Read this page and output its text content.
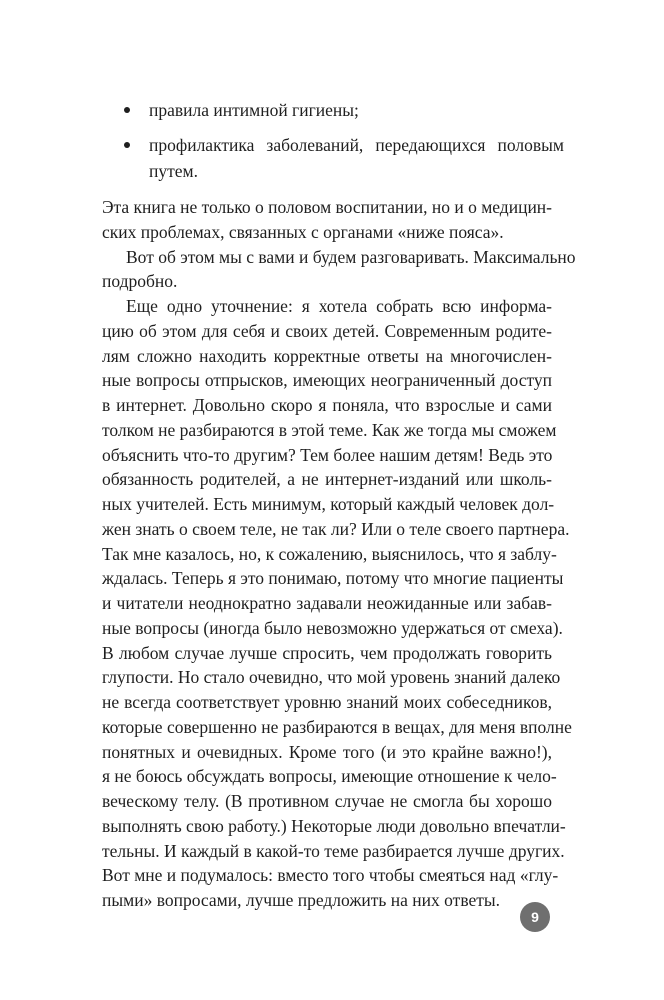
правила интимной гигиены;
профилактика заболеваний, передающихся половым
путем.
Эта книга не только о половом воспитании, но и о медицин-
ских проблемах, связанных с органами «ниже пояса».
Вот об этом мы с вами и будем разговаривать. Максимально
подробно.
Еще одно уточнение: я хотела собрать всю информа-
цию об этом для себя и своих детей. Современным родите-
лям сложно находить корректные ответы на многочислен-
ные вопросы отпрысков, имеющих неограниченный доступ
в интернет. Довольно скоро я поняла, что взрослые и сами
толком не разбираются в этой теме. Как же тогда мы сможем
объяснить что-то другим? Тем более нашим детям! Ведь это
обязанность родителей, а не интернет-изданий или школь-
ных учителей. Есть минимум, который каждый человек дол-
жен знать о своем теле, не так ли? Или о теле своего партнера.
Так мне казалось, но, к сожалению, выяснилось, что я заблу-
ждалась. Теперь я это понимаю, потому что многие пациенты
и читатели неоднократно задавали неожиданные или забав-
ные вопросы (иногда было невозможно удержаться от смеха).
В любом случае лучше спросить, чем продолжать говорить
глупости. Но стало очевидно, что мой уровень знаний далеко
не всегда соответствует уровню знаний моих собеседников,
которые совершенно не разбираются в вещах, для меня вполне
понятных и очевидных. Кроме того (и это крайне важно!),
я не боюсь обсуждать вопросы, имеющие отношение к чело-
веческому телу. (В противном случае не смогла бы хорошо
выполнять свою работу.) Некоторые люди довольно впечатли-
тельны. И каждый в какой-то теме разбирается лучше других.
Вот мне и подумалось: вместо того чтобы смеяться над «глу-
пыми» вопросами, лучше предложить на них ответы.
9
